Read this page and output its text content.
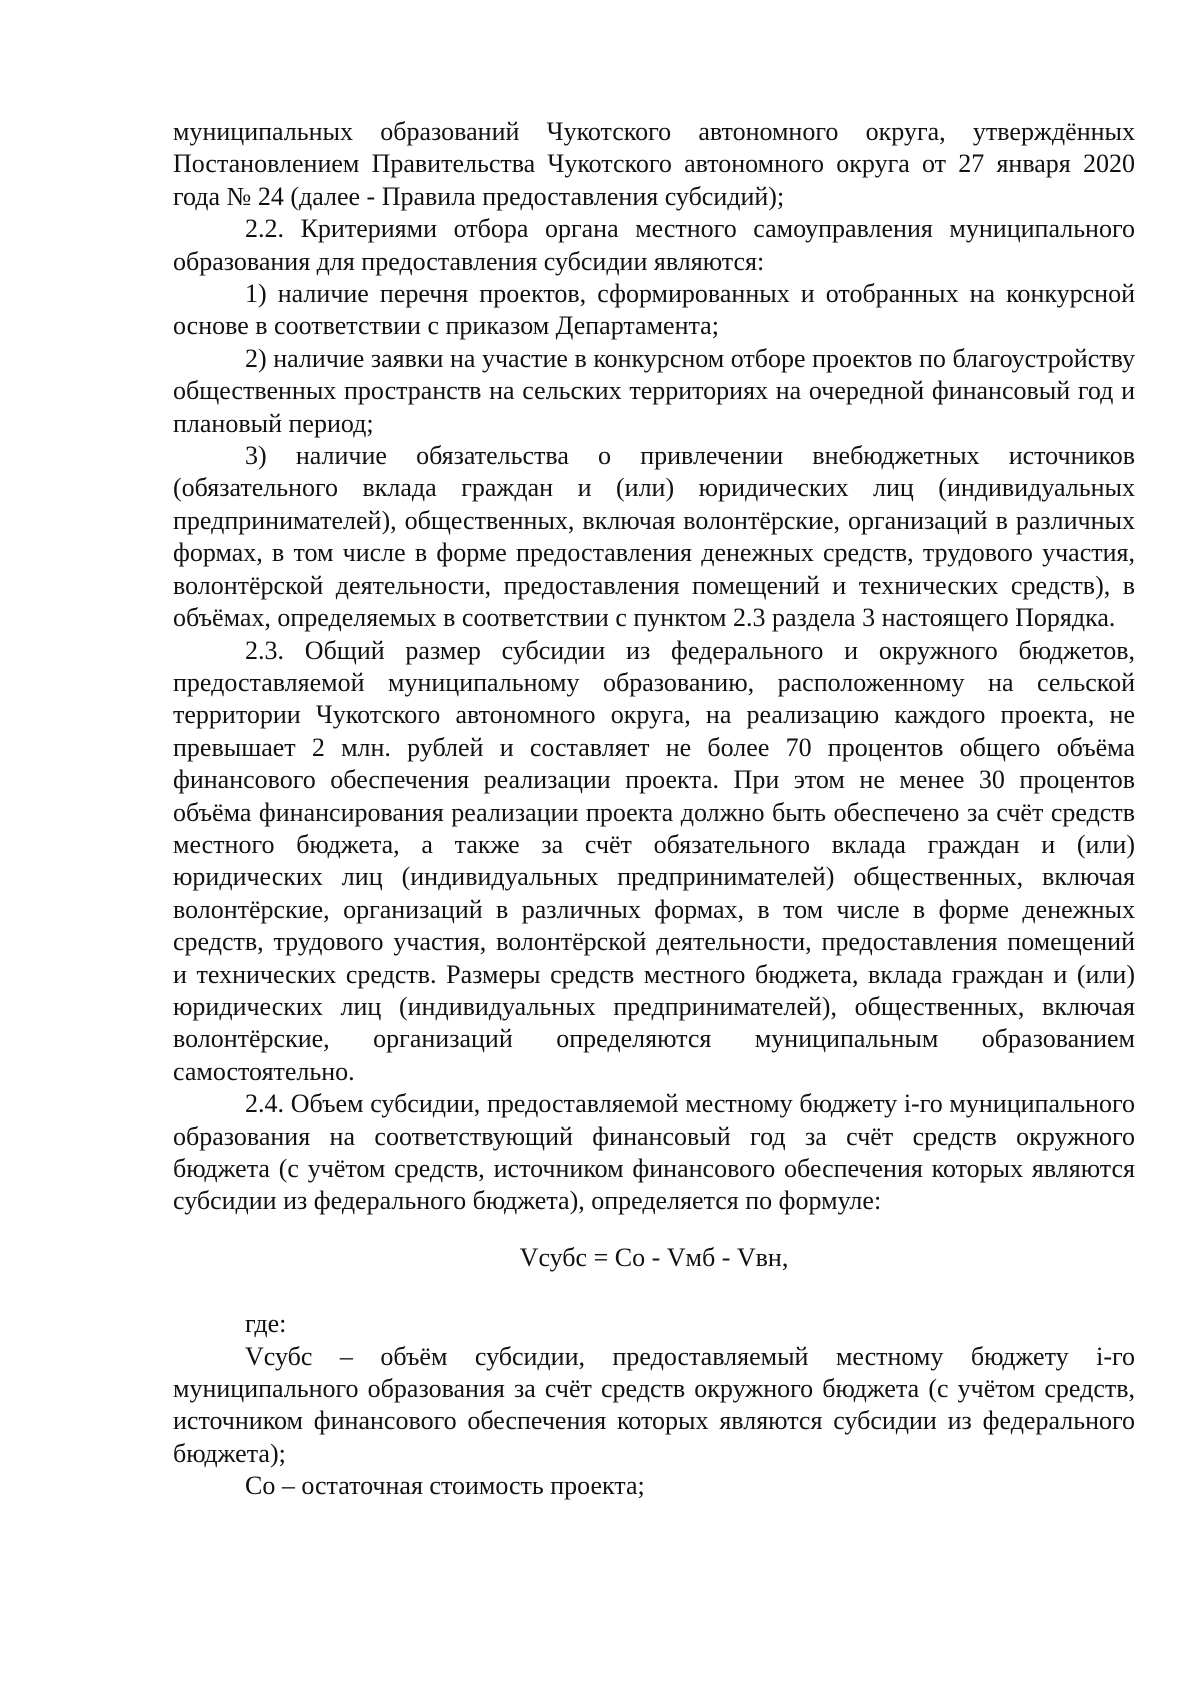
муниципальных образований Чукотского автономного округа, утверждённых Постановлением Правительства Чукотского автономного округа от 27 января 2020 года № 24 (далее - Правила предоставления субсидий);

2.2. Критериями отбора органа местного самоуправления муниципального образования для предоставления субсидии являются:

1) наличие перечня проектов, сформированных и отобранных на конкурсной основе в соответствии с приказом Департамента;

2) наличие заявки на участие в конкурсном отборе проектов по благоустройству общественных пространств на сельских территориях на очередной финансовый год и плановый период;

3) наличие обязательства о привлечении внебюджетных источников (обязательного вклада граждан и (или) юридических лиц (индивидуальных предпринимателей), общественных, включая волонтёрские, организаций в различных формах, в том числе в форме предоставления денежных средств, трудового участия, волонтёрской деятельности, предоставления помещений и технических средств), в объёмах, определяемых в соответствии с пунктом 2.3 раздела 3 настоящего Порядка.

2.3. Общий размер субсидии из федерального и окружного бюджетов, предоставляемой муниципальному образованию, расположенному на сельской территории Чукотского автономного округа, на реализацию каждого проекта, не превышает 2 млн. рублей и составляет не более 70 процентов общего объёма финансового обеспечения реализации проекта. При этом не менее 30 процентов объёма финансирования реализации проекта должно быть обеспечено за счёт средств местного бюджета, а также за счёт обязательного вклада граждан и (или) юридических лиц (индивидуальных предпринимателей) общественных, включая волонтёрские, организаций в различных формах, в том числе в форме денежных средств, трудового участия, волонтёрской деятельности, предоставления помещений и технических средств. Размеры средств местного бюджета, вклада граждан и (или) юридических лиц (индивидуальных предпринимателей), общественных, включая волонтёрские, организаций определяются муниципальным образованием самостоятельно.

2.4. Объем субсидии, предоставляемой местному бюджету i-го муниципального образования на соответствующий финансовый год за счёт средств окружного бюджета (с учётом средств, источником финансового обеспечения которых являются субсидии из федерального бюджета), определяется по формуле:

Vсубс = Со - Vмб - Vвн,

где:

Vсубс – объём субсидии, предоставляемый местному бюджету i-го муниципального образования за счёт средств окружного бюджета (с учётом средств, источником финансового обеспечения которых являются субсидии из федерального бюджета);

Со – остаточная стоимость проекта;
